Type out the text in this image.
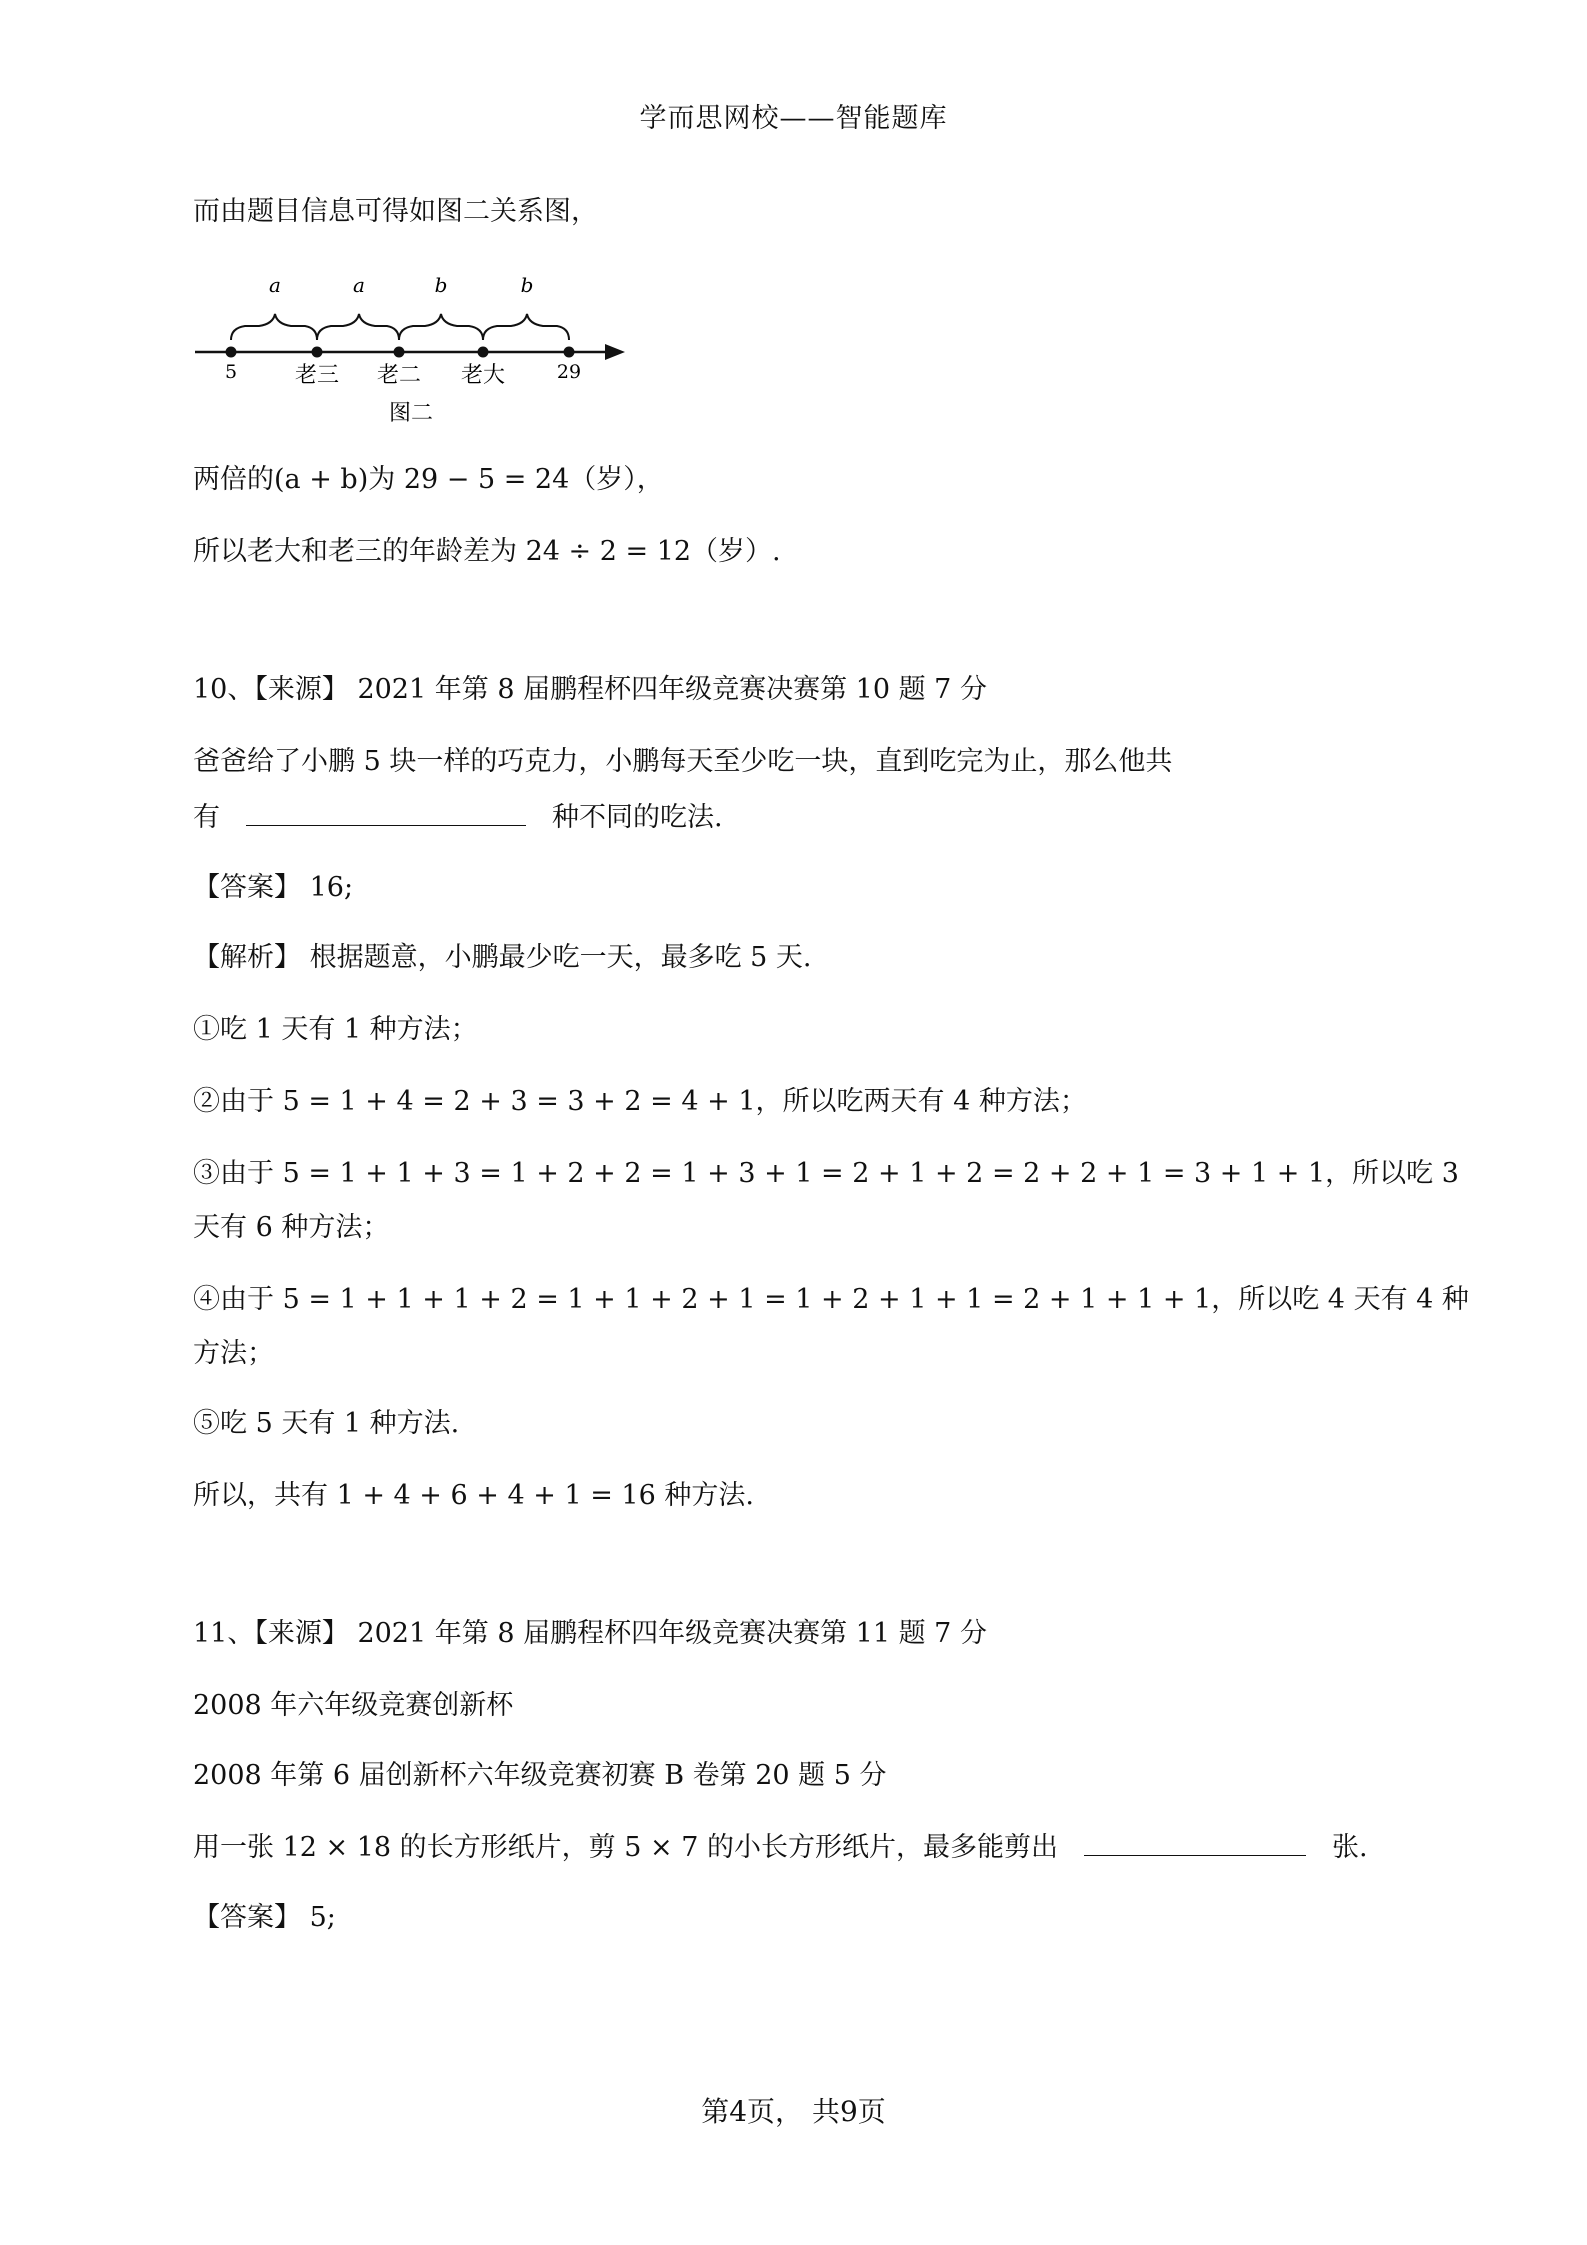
学而思网校——智能题库
而由题目信息可得如图二关系图，
a	a	b	b
5	老三 老二 老大	29
图二
两倍的(a + b)为 29 − 5 = 24（岁），
所以老大和老三的年龄差为 24 ÷ 2 = 12（岁）.
10、【来源】 2021 年第 8 届鹏程杯四年级竞赛决赛第 10 题 7 分
爸爸给了小鹏 5 块一样的巧克力，小鹏每天至少吃一块，直到吃完为止，那么他共
有	种不同的吃法.
【答案】 16;
【解析】 根据题意，小鹏最少吃一天，最多吃 5 天.
①吃 1 天有 1 种方法；
②由于 5 = 1 + 4 = 2 + 3 = 3 + 2 = 4 + 1，所以吃两天有 4 种方法；
③由于 5 = 1 + 1 + 3 = 1 + 2 + 2 = 1 + 3 + 1 = 2 + 1 + 2 = 2 + 2 + 1 = 3 + 1 + 1，所以吃 3
天有 6 种方法；
④由于 5 = 1 + 1 + 1 + 2 = 1 + 1 + 2 + 1 = 1 + 2 + 1 + 1 = 2 + 1 + 1 + 1，所以吃 4 天有 4 种
方法；
⑤吃 5 天有 1 种方法.
所以，共有 1 + 4 + 6 + 4 + 1 = 16 种方法.
11、【来源】 2021 年第 8 届鹏程杯四年级竞赛决赛第 11 题 7 分
2008 年六年级竞赛创新杯
2008 年第 6 届创新杯六年级竞赛初赛 B 卷第 20 题 5 分
用一张 12 × 18 的长方形纸片，剪 5 × 7 的小长方形纸片，最多能剪出	张.
【答案】 5;
第4页， 共9页
